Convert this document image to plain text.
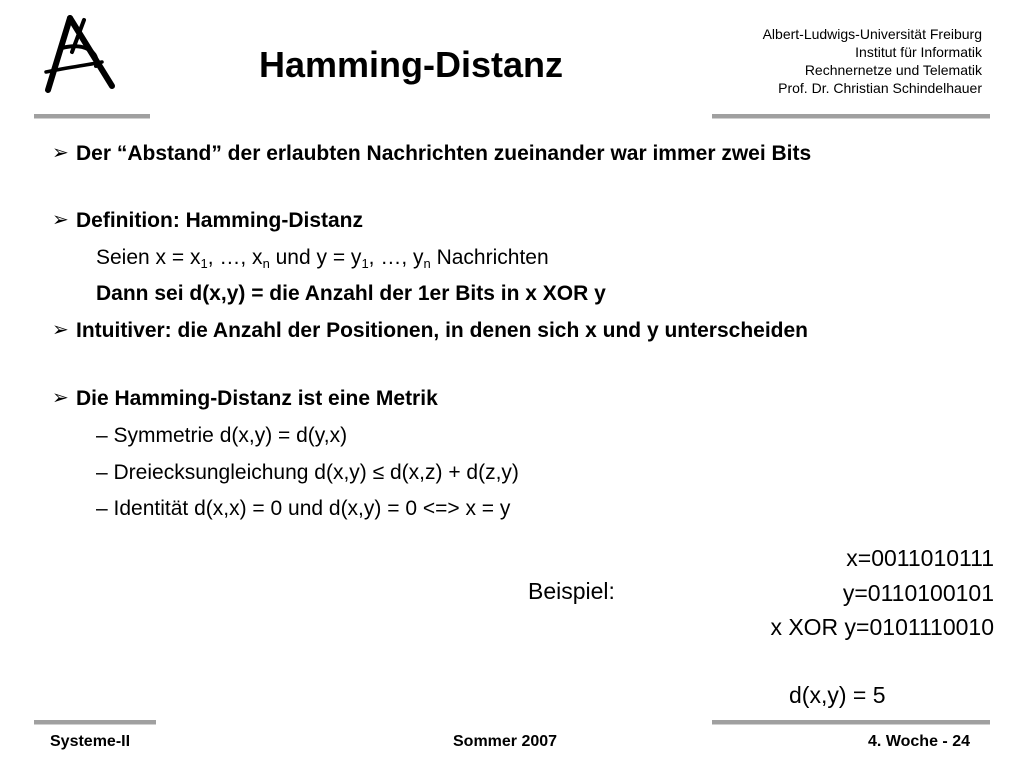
Hamming-Distanz
Albert-Ludwigs-Universität Freiburg
Institut für Informatik
Rechnernetze und Telematik
Prof. Dr. Christian Schindelhauer
➢ Der “Abstand” der erlaubten Nachrichten zueinander war immer zwei Bits
➢ Definition: Hamming-Distanz
Seien $x = x_1$, …, $x_n$ und $y = y_1$, …, $y_n$ Nachrichten
Dann sei d(x,y) = die Anzahl der 1er Bits in x XOR y
➢ Intuitiver: die Anzahl der Positionen, in denen sich x und y unterscheiden
➢ Die Hamming-Distanz ist eine Metrik
– Symmetrie d(x,y) = d(y,x)
– Dreiecksungleichung d(x,y) ≤ d(x,z) + d(z,y)
– Identität d(x,x) = 0 und d(x,y) = 0 <=> x = y
Beispiel:
x=0011010111
y=0110100101
x XOR y=0101110010
d(x,y) = 5
Systeme-II	Sommer 2007	4. Woche - 24
